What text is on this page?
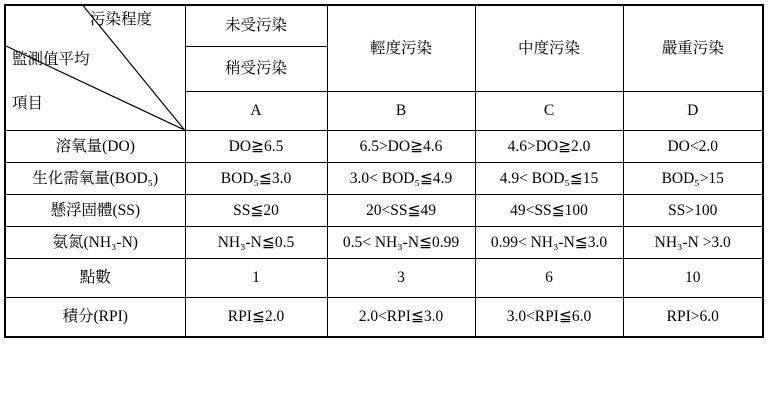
污染程度
監測值平均
項目	未受污染	輕度污染	中度污染	嚴重污染
	稍受污染			
	A	B	C	D
溶氧量(DO)	DO≧6.5	6.5>DO≧4.6	4.6>DO≧2.0	DO<2.0
生化需氧量(BOD₅)	BOD₅≦3.0	3.0< BOD₅≦4.9	4.9< BOD₅≦15	BOD₅>15
懸浮固體(SS)	SS≦20	20<SS≦49	49<SS≦100	SS>100
氨氮(NH₃-N)	NH₃-N≦0.5	0.5< NH₃-N≦0.99	0.99< NH₃-N≦3.0	NH₃-N >3.0
點數	1	3	6	10
積分(RPI)	RPI≦2.0	2.0<RPI≦3.0	3.0<RPI≦6.0	RPI>6.0
